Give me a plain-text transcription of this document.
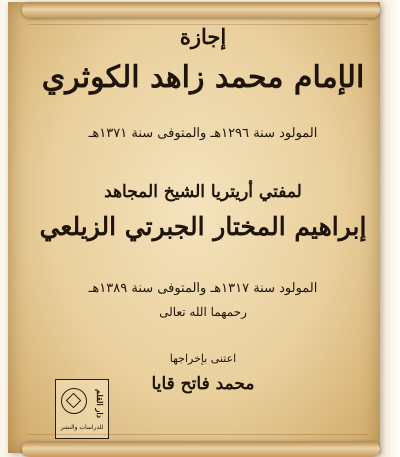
إجازة
الإمام محمد زاهد الكوثري
المولود سنة ١٢٩٦هـ والمتوفى سنة ١٣٧١هـ
لمفتي أريتريا الشيخ المجاهد
إبراهيم المختار الجبرتي الزيلعي
المولود سنة ١٣١٧هـ والمتوفى سنة ١٣٨٩هـ
رحمهما الله تعالى
اعتنى بإخراجها
محمد فاتح قايا
دار القلم
للدراسات والنشر
